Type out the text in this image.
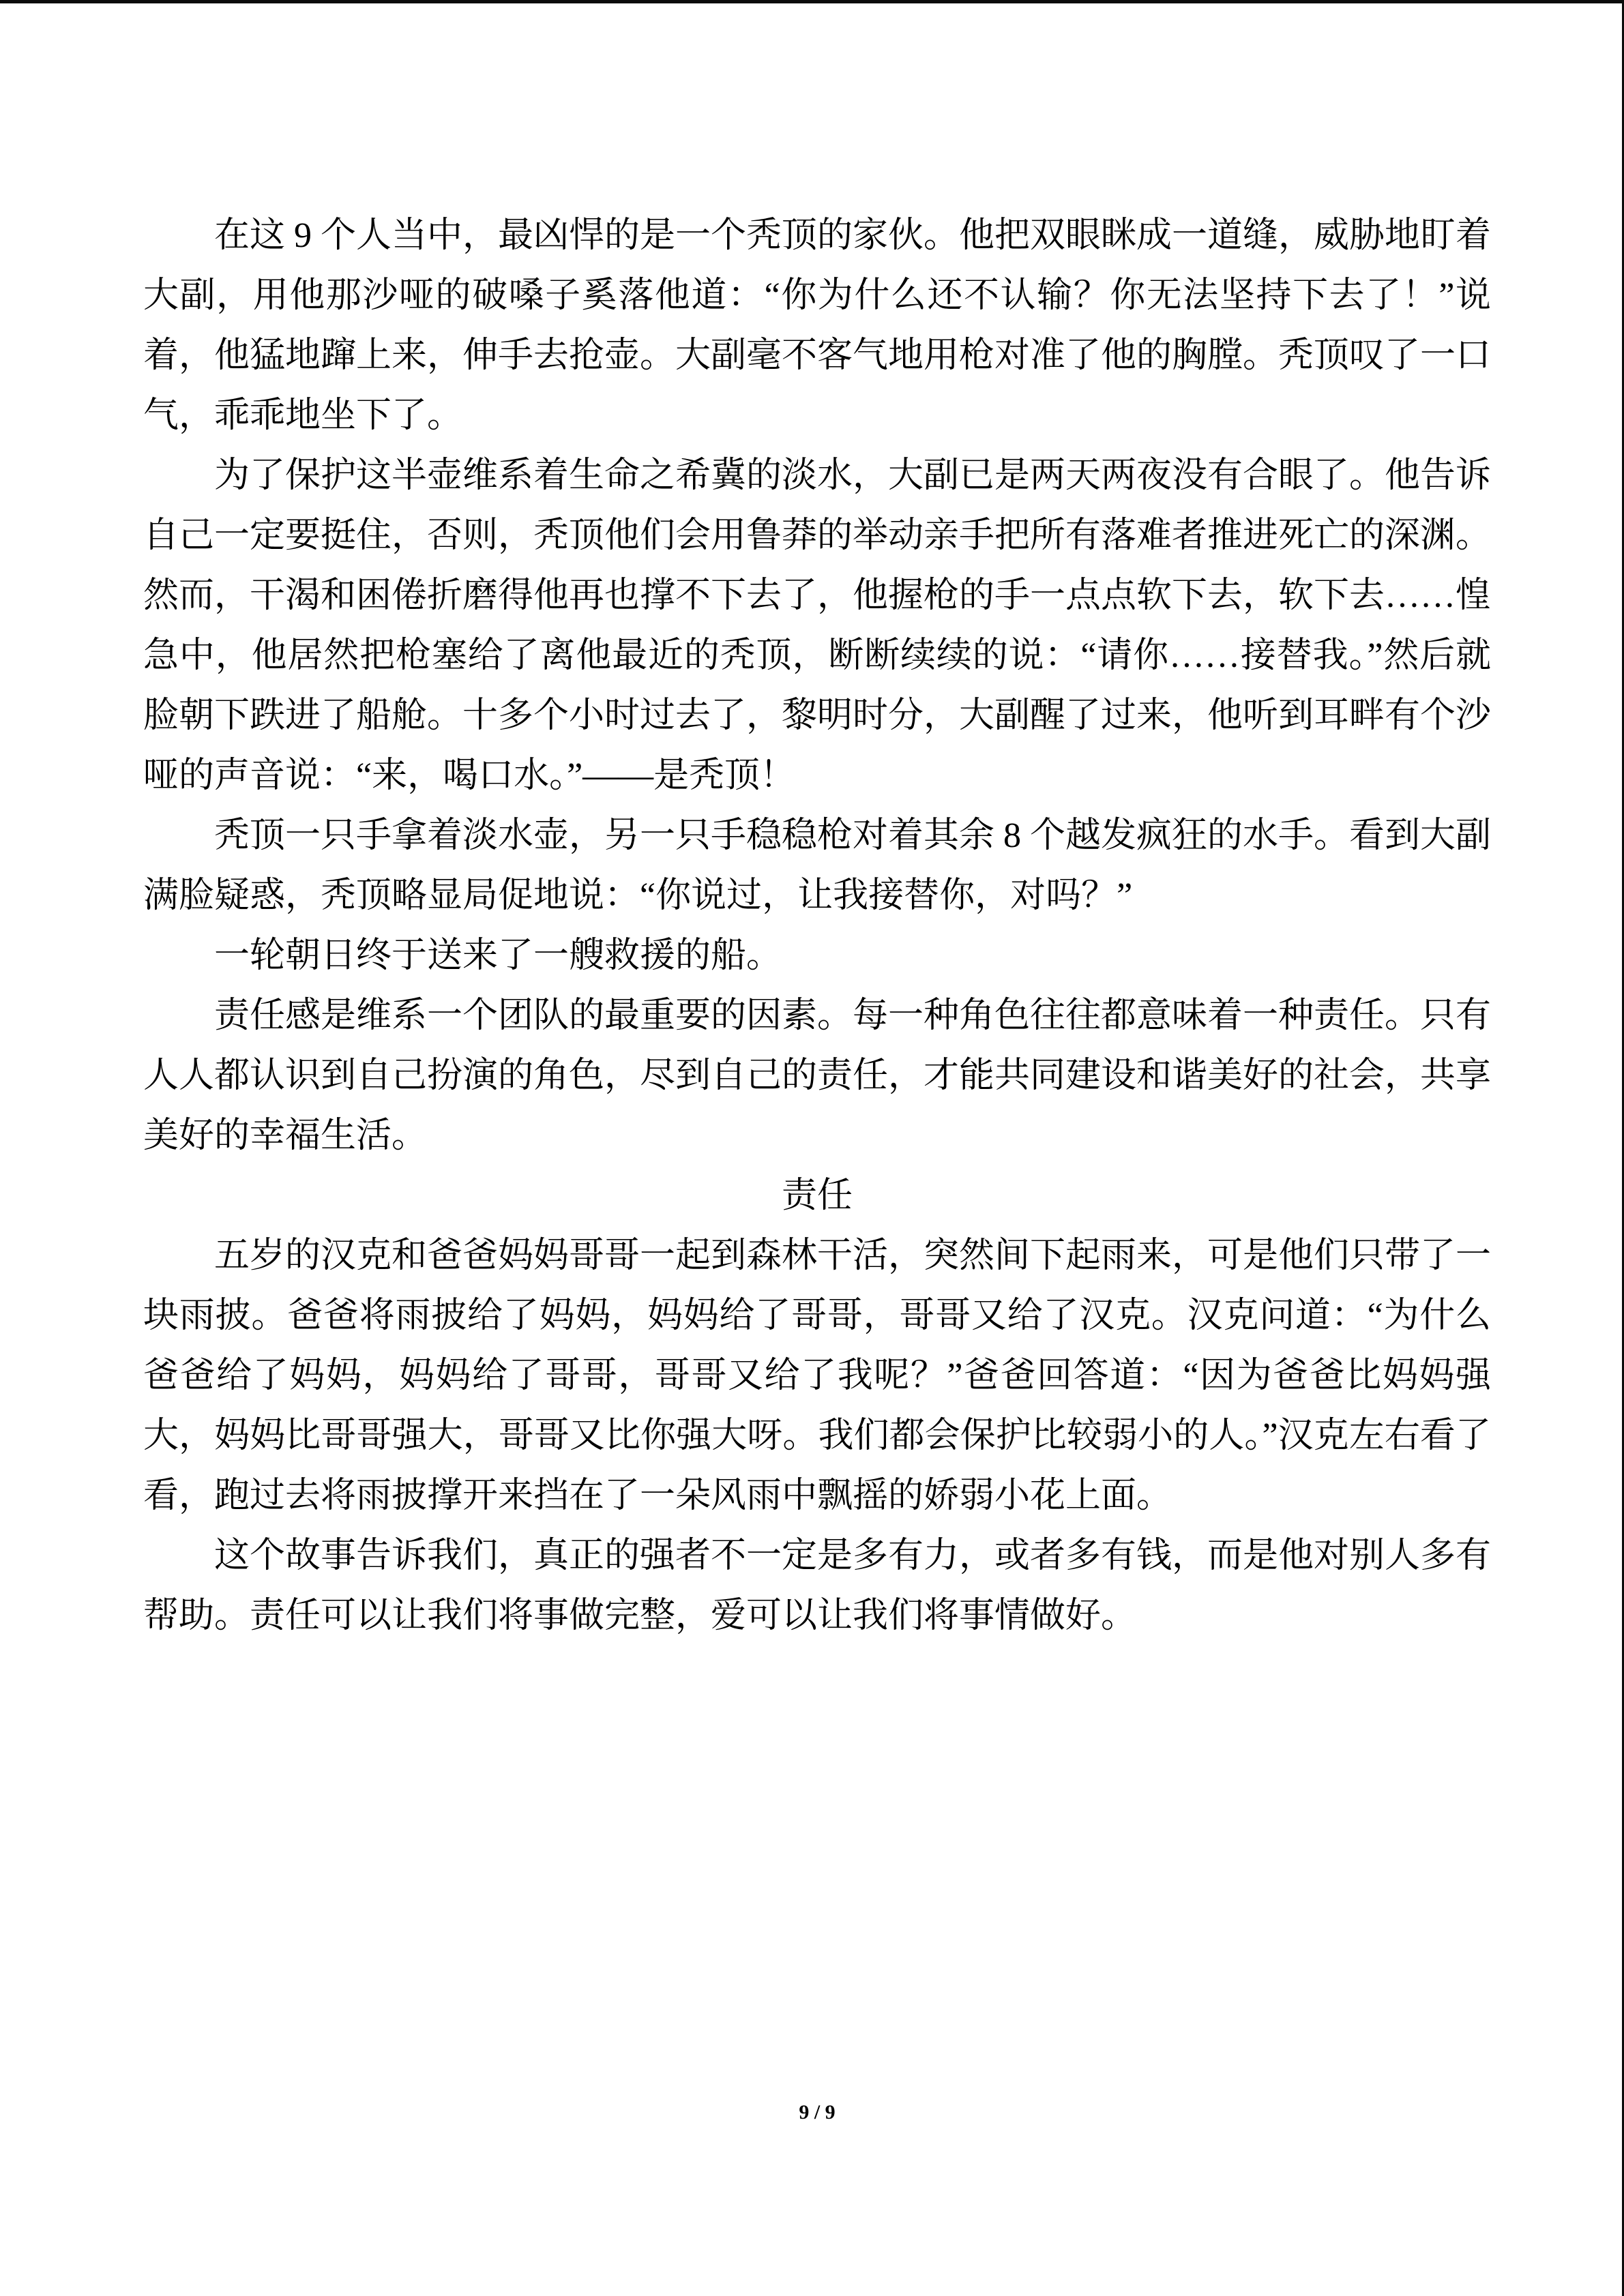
在这 9 个人当中，最凶悍的是一个秃顶的家伙。他把双眼眯成一道缝，威胁地盯着大副，用他那沙哑的破嗓子奚落他道：“你为什么还不认输？你无法坚持下去了！”说着，他猛地蹿上来，伸手去抢壶。大副毫不客气地用枪对准了他的胸膛。秃顶叹了一口气，乖乖地坐下了。

为了保护这半壶维系着生命之希冀的淡水，大副已是两天两夜没有合眼了。他告诉自己一定要挺住，否则，秃顶他们会用鲁莽的举动亲手把所有落难者推进死亡的深渊。然而，干渴和困倦折磨得他再也撑不下去了，他握枪的手一点点软下去，软下去……惶急中，他居然把枪塞给了离他最近的秃顶，断断续续的说：“请你……接替我。”然后就脸朝下跌进了船舱。十多个小时过去了，黎明时分，大副醒了过来，他听到耳畔有个沙哑的声音说：“来，喝口水。”——是秃顶！

秃顶一只手拿着淡水壶，另一只手稳稳枪对着其余 8 个越发疯狂的水手。看到大副满脸疑惑，秃顶略显局促地说：“你说过，让我接替你，对吗？”

一轮朝日终于送来了一艘救援的船。

责任感是维系一个团队的最重要的因素。每一种角色往往都意味着一种责任。只有人人都认识到自己扮演的角色，尽到自己的责任，才能共同建设和谐美好的社会，共享美好的幸福生活。

责任

五岁的汉克和爸爸妈妈哥哥一起到森林干活，突然间下起雨来，可是他们只带了一块雨披。爸爸将雨披给了妈妈，妈妈给了哥哥，哥哥又给了汉克。汉克问道：“为什么爸爸给了妈妈，妈妈给了哥哥，哥哥又给了我呢？”爸爸回答道：“因为爸爸比妈妈强大，妈妈比哥哥强大，哥哥又比你强大呀。我们都会保护比较弱小的人。”汉克左右看了看，跑过去将雨披撑开来挡在了一朵风雨中飘摇的娇弱小花上面。

这个故事告诉我们，真正的强者不一定是多有力，或者多有钱，而是他对别人多有帮助。责任可以让我们将事做完整，爱可以让我们将事情做好。

9 / 9
